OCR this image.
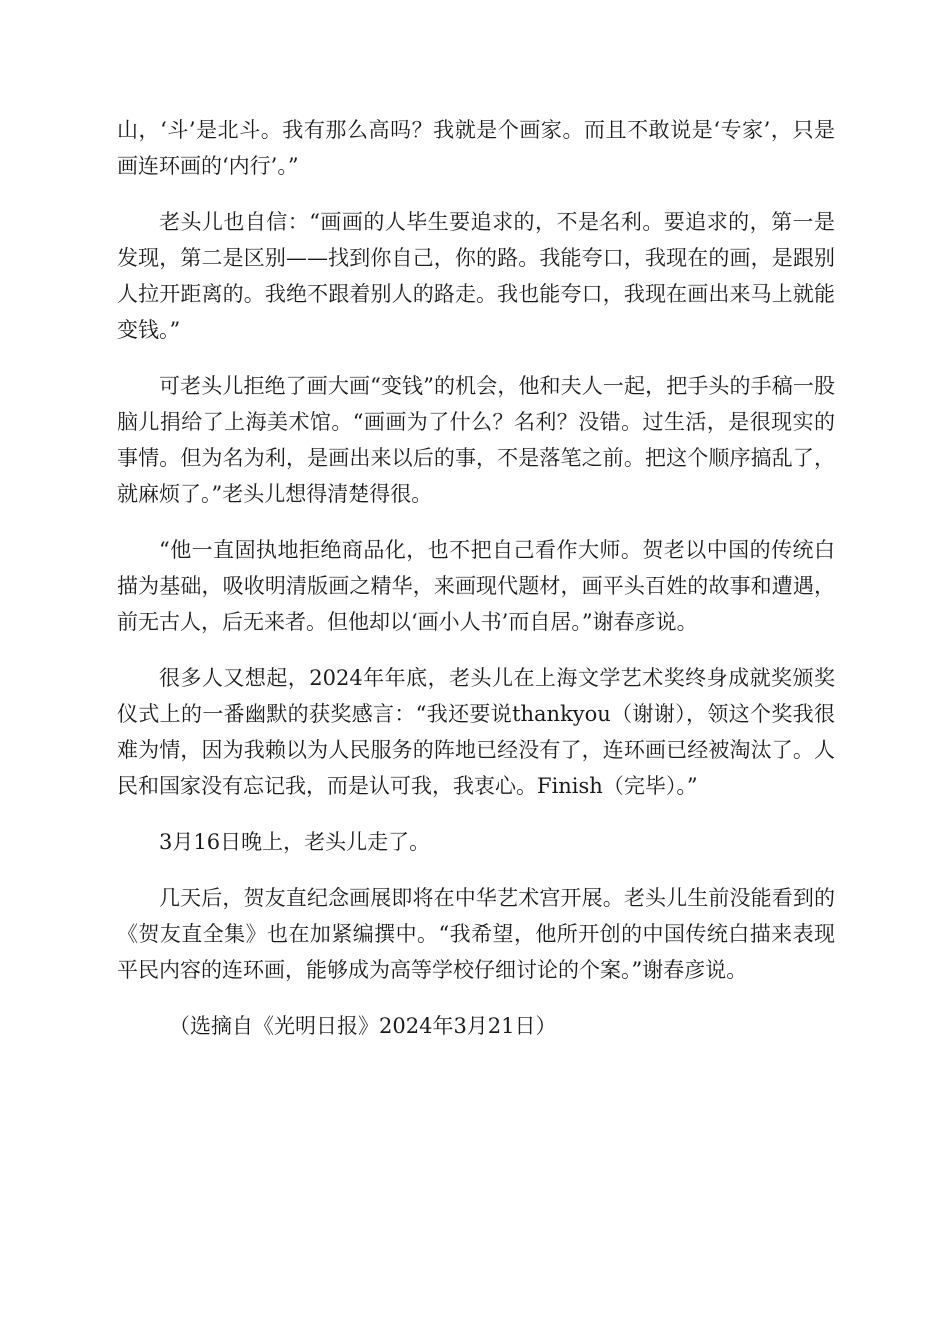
山，‘斗’是北斗。我有那么高吗？我就是个画家。而且不敢说是‘专家’，只是画连环画的‘内行’。”

老头儿也自信：“画画的人毕生要追求的，不是名利。要追求的，第一是发现，第二是区别——找到你自己，你的路。我能夸口，我现在的画，是跟别人拉开距离的。我绝不跟着别人的路走。我也能夸口，我现在画出来马上就能变钱。”

可老头儿拒绝了画大画“变钱”的机会，他和夫人一起，把手头的手稿一股脑儿捐给了上海美术馆。“画画为了什么？名利？没错。过生活，是很现实的事情。但为名为利，是画出来以后的事，不是落笔之前。把这个顺序搞乱了，就麻烦了。”老头儿想得清楚得很。

“他一直固执地拒绝商品化，也不把自己看作大师。贺老以中国的传统白描为基础，吸收明清版画之精华，来画现代题材，画平头百姓的故事和遭遇，前无古人，后无来者。但他却以‘画小人书’而自居。”谢春彦说。

很多人又想起，2024年年底，老头儿在上海文学艺术奖终身成就奖颁奖仪式上的一番幽默的获奖感言：“我还要说thankyou（谢谢），领这个奖我很难为情，因为我赖以为人民服务的阵地已经没有了，连环画已经被淘汰了。人民和国家没有忘记我，而是认可我，我衷心。Finish（完毕）。”

3月16日晚上，老头儿走了。

几天后，贺友直纪念画展即将在中华艺术宫开展。老头儿生前没能看到的《贺友直全集》也在加紧编撰中。“我希望，他所开创的中国传统白描来表现平民内容的连环画，能够成为高等学校仔细讨论的个案。”谢春彦说。

（选摘自《光明日报》2024年3月21日）
